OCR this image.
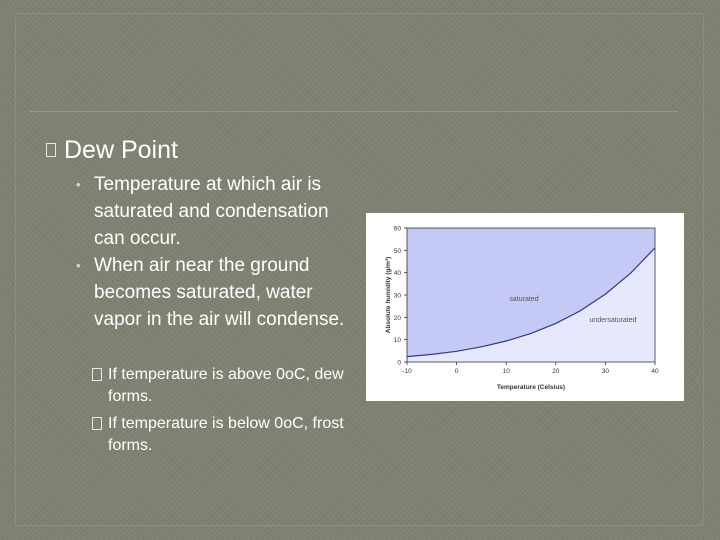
Dew Point

• Temperature at which air is saturated and condensation can occur.

• When air near the ground becomes saturated, water vapor in the air will condense.

If temperature is above 0oC, dew forms.

If temperature is below 0oC, frost forms.

0
10
20
30
40
50
60
-10	0	10	20	30	40
Temperature (Celsius)
Absolute humidity (g/m³)	saturated
undersaturated
